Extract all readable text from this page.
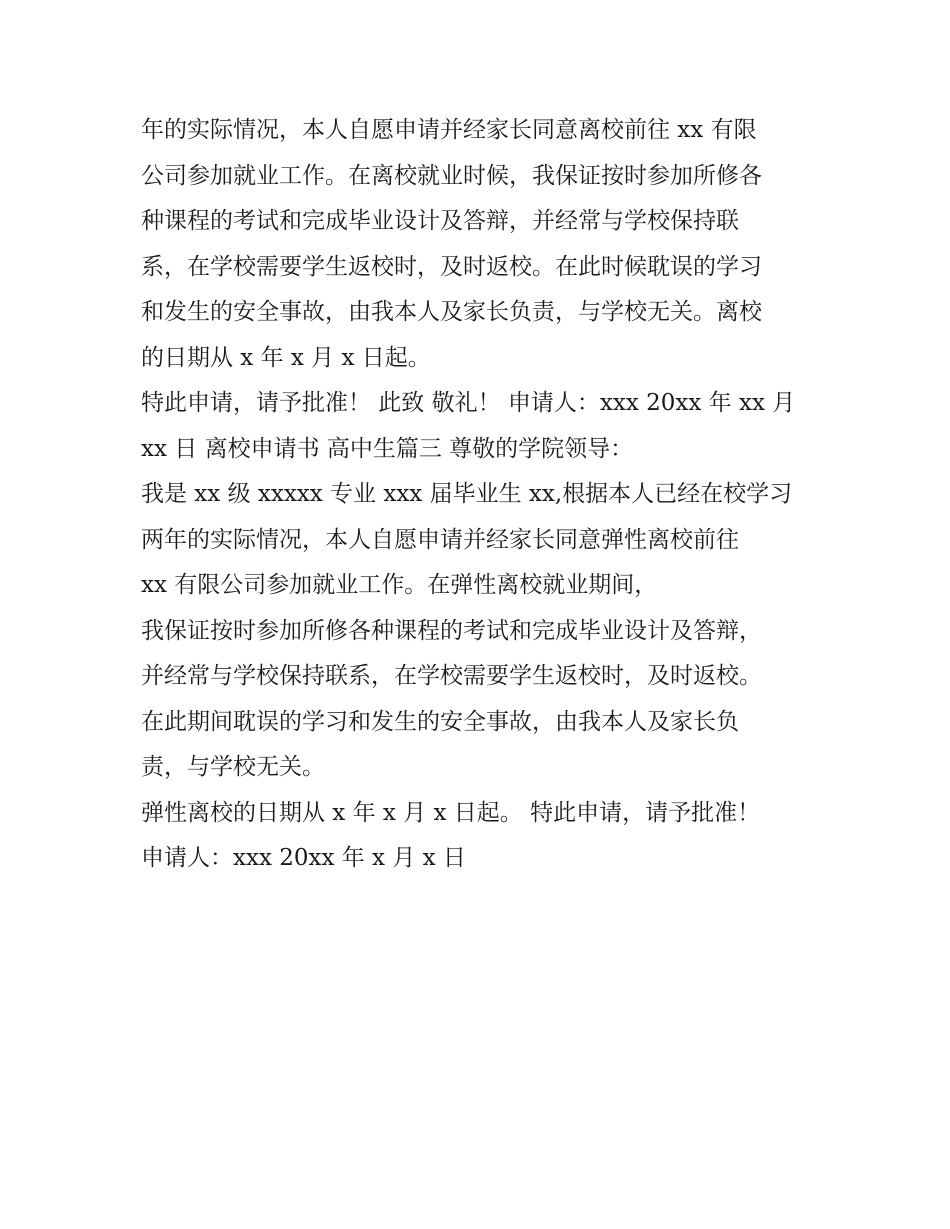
年的实际情况，本人自愿申请并经家长同意离校前往 xx 有限
公司参加就业工作。在离校就业时候，我保证按时参加所修各
种课程的考试和完成毕业设计及答辩，并经常与学校保持联
系，在学校需要学生返校时，及时返校。在此时候耽误的学习
和发生的安全事故，由我本人及家长负责，与学校无关。离校
的日期从 x 年 x 月 x 日起。
特此申请，请予批准！ 此致 敬礼！ 申请人：xxx 20xx 年 xx 月
xx 日 离校申请书 高中生篇三 尊敬的学院领导：
我是 xx 级 xxxxx 专业 xxx 届毕业生 xx,根据本人已经在校学习
两年的实际情况，本人自愿申请并经家长同意弹性离校前往
xx 有限公司参加就业工作。在弹性离校就业期间，
我保证按时参加所修各种课程的考试和完成毕业设计及答辩，
并经常与学校保持联系，在学校需要学生返校时，及时返校。
在此期间耽误的学习和发生的安全事故，由我本人及家长负
责，与学校无关。
弹性离校的日期从 x 年 x 月 x 日起。 特此申请，请予批准！
申请人：xxx 20xx 年 x 月 x 日
